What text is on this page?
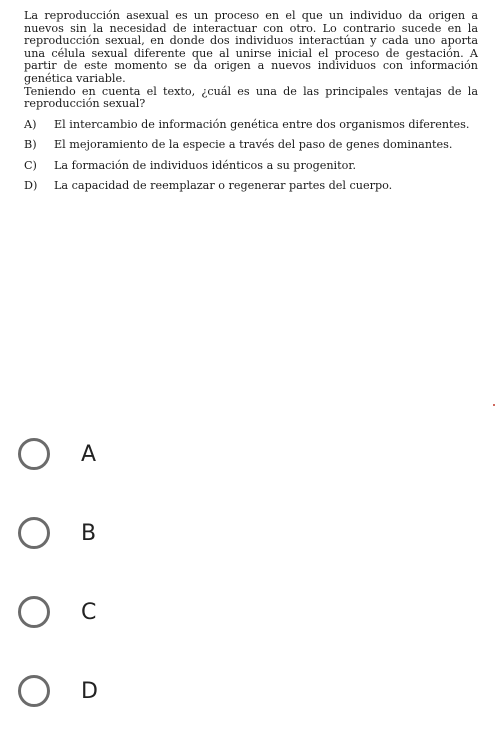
La reproducción asexual es un proceso en el que un individuo da origen a nuevos sin la necesidad de interactuar con otro. Lo contrario sucede en la reproducción sexual, en donde dos individuos interactúan y cada uno aporta una célula sexual diferente que al unirse inicial el proceso de gestación. A partir de este momento se da origen a nuevos individuos con información genética variable.

Teniendo en cuenta el texto, ¿cuál es una de las principales ventajas de la reproducción sexual?

A)	El intercambio de información genética entre dos organismos diferentes.
B)	El mejoramiento de la especie a través del paso de genes dominantes.
C)	La formación de individuos idénticos a su progenitor.
D)	La capacidad de reemplazar o regenerar partes del cuerpo.
A
B
C
D
